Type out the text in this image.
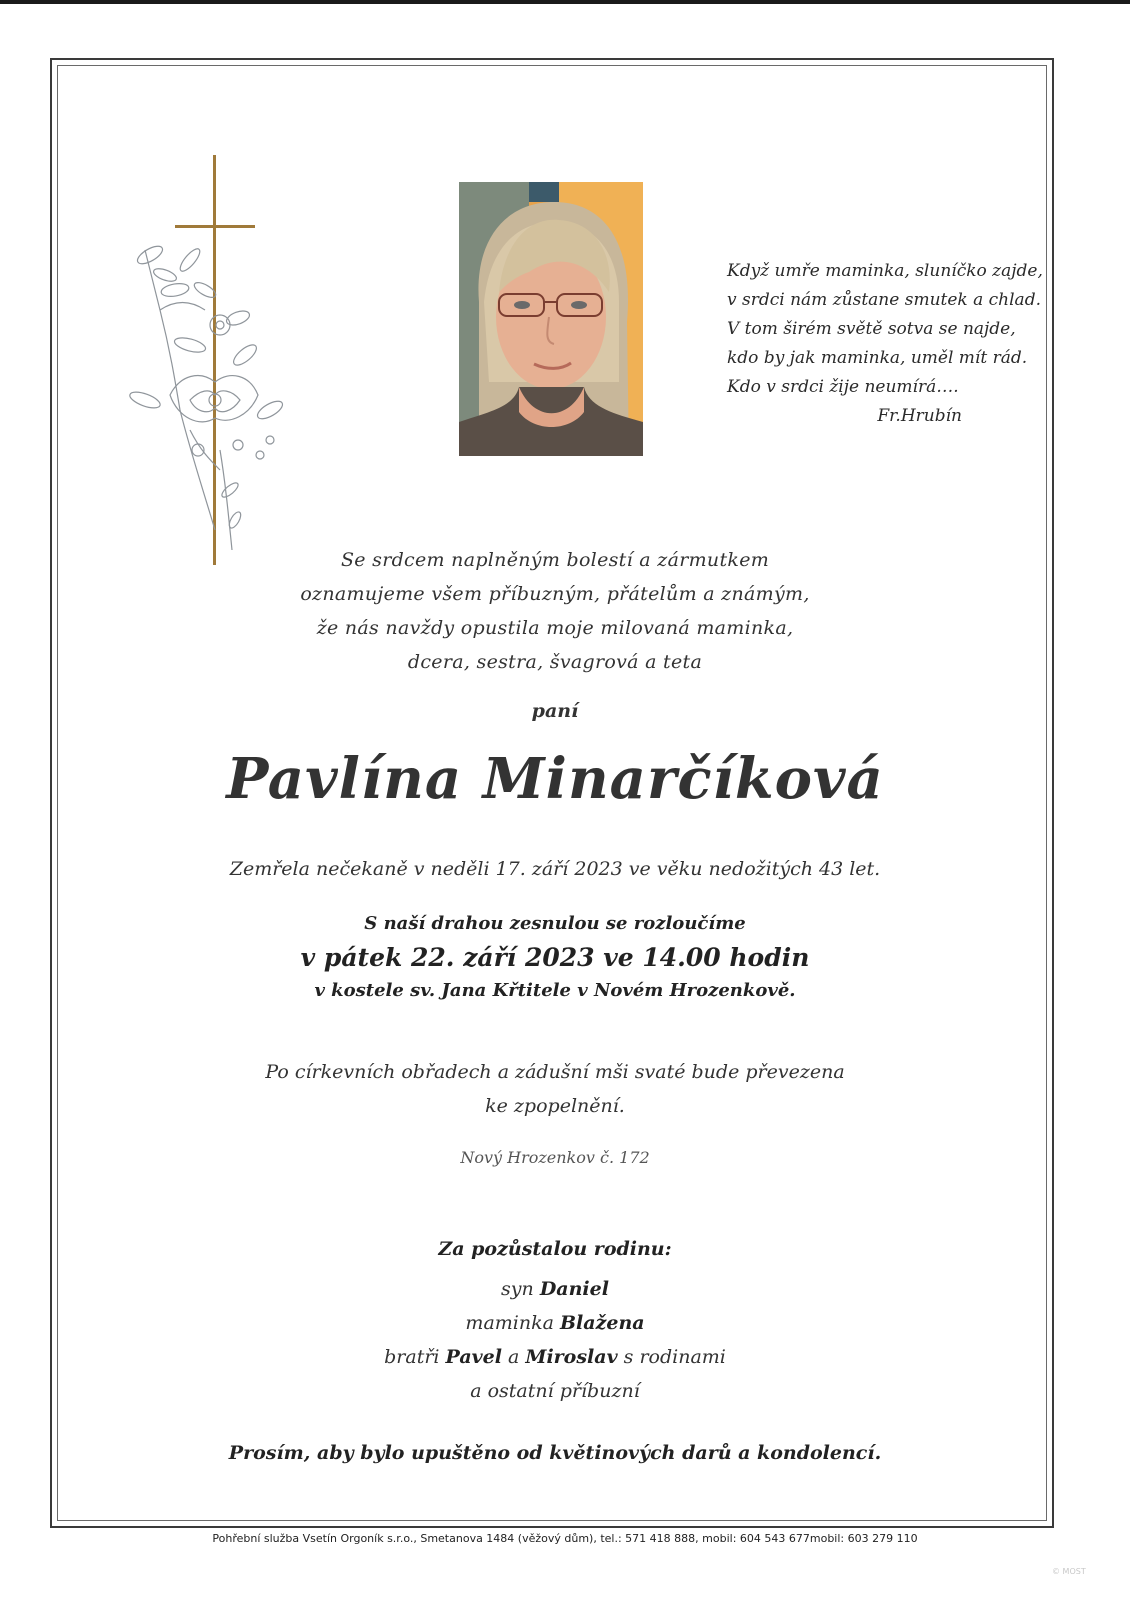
Když umře maminka, sluníčko zajde,
v srdci nám zůstane smutek a chlad.
V tom širém světě sotva se najde,
kdo by jak maminka, uměl mít rád.
Kdo v srdci žije neumírá….
Fr.Hrubín
Se srdcem naplněným bolestí a zármutkem
oznamujeme všem příbuzným, přátelům a známým,
že nás navždy opustila moje milovaná maminka,
dcera, sestra, švagrová a teta
paní
Pavlína Minarčíková
Zemřela nečekaně v neděli 17. září 2023 ve věku nedožitých 43 let.
S naší drahou zesnulou se rozloučíme
v pátek 22. září 2023 ve 14.00 hodin
v kostele sv. Jana Křtitele v Novém Hrozenkově.
Po církevních obřadech a zádušní mši svaté bude převezena
ke zpopelnění.
Nový Hrozenkov č. 172
Za pozůstalou rodinu:
syn Daniel
maminka Blažena
bratři Pavel a Miroslav s rodinami
a ostatní příbuzní
Prosím, aby bylo upuštěno od květinových darů a kondolencí.
Pohřební služba Vsetín Orgoník s.r.o., Smetanova 1484 (věžový dům), tel.: 571 418 888, mobil: 604 543 677mobil: 603 279 110
© MOST
